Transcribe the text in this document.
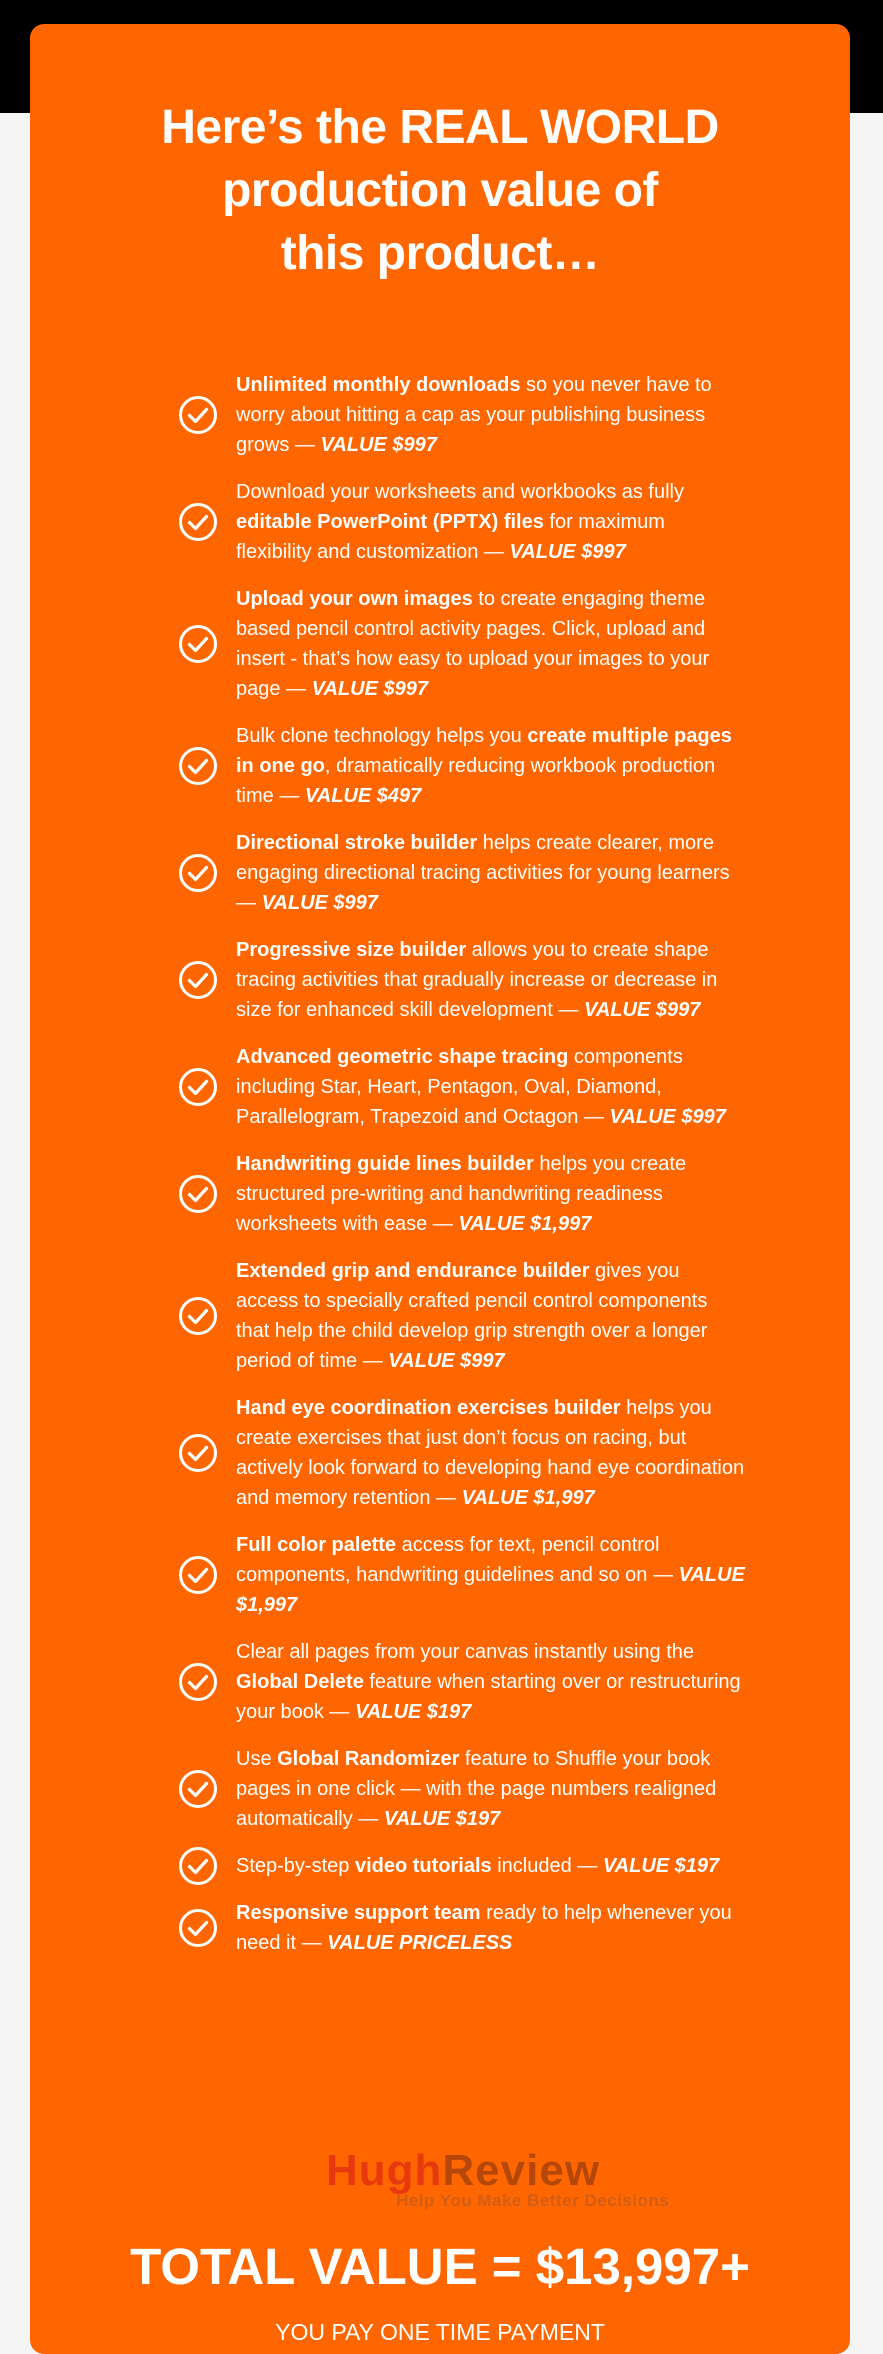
Here’s the REAL WORLD
production value of
this product…
Unlimited monthly downloads so you never have to worry about hitting a cap as your publishing business grows — VALUE $997
Download your worksheets and workbooks as fully editable PowerPoint (PPTX) files for maximum flexibility and customization — VALUE $997
Upload your own images to create engaging theme based pencil control activity pages. Click, upload and insert - that’s how easy to upload your images to your page — VALUE $997
Bulk clone technology helps you create multiple pages in one go, dramatically reducing workbook production time — VALUE $497
Directional stroke builder helps create clearer, more engaging directional tracing activities for young learners — VALUE $997
Progressive size builder allows you to create shape tracing activities that gradually increase or decrease in size for enhanced skill development — VALUE $997
Advanced geometric shape tracing components including Star, Heart, Pentagon, Oval, Diamond, Parallelogram, Trapezoid and Octagon — VALUE $997
Handwriting guide lines builder helps you create structured pre-writing and handwriting readiness worksheets with ease — VALUE $1,997
Extended grip and endurance builder gives you access to specially crafted pencil control components that help the child develop grip strength over a longer period of time — VALUE $997
Hand eye coordination exercises builder helps you create exercises that just don’t focus on racing, but actively look forward to developing hand eye coordination and memory retention — VALUE $1,997
Full color palette access for text, pencil control components, handwriting guidelines and so on — VALUE $1,997
Clear all pages from your canvas instantly using the Global Delete feature when starting over or restructuring your book — VALUE $197
Use Global Randomizer feature to Shuffle your book pages in one click — with the page numbers realigned automatically — VALUE $197
Step-by-step video tutorials included — VALUE $197
Responsive support team ready to help whenever you need it — VALUE PRICELESS
HughReview
Help You Make Better Decisions
TOTAL VALUE = $13,997+

YOU PAY ONE TIME PAYMENT
